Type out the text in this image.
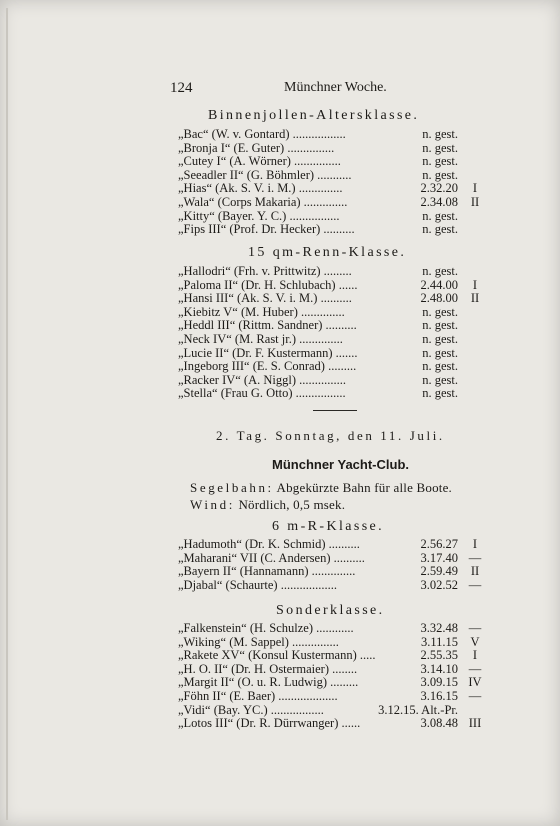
124	Münchner Woche.
Binnenjollen-Altersklasse.
„Bac“ (W. v. Gontard) .................	n. gest.
„Bronja I“ (E. Guter) ...............	n. gest.
„Cutey I“ (A. Wörner) ...............	n. gest.
„Seeadler II“ (G. Böhmler) ...........	n. gest.
„Hias“ (Ak. S. V. i. M.) ..............	2.32.20	I
„Wala“ (Corps Makaria) ..............	2.34.08	II
„Kitty“ (Bayer. Y. C.) ................	n. gest.
„Fips III“ (Prof. Dr. Hecker) ..........	n. gest.
15 qm-Renn-Klasse.
„Hallodri“ (Frh. v. Prittwitz) .........	n. gest.
„Paloma II“ (Dr. H. Schlubach) ......	2.44.00	I
„Hansi III“ (Ak. S. V. i. M.) ..........	2.48.00	II
„Kiebitz V“ (M. Huber) ..............	n. gest.
„Heddl III“ (Rittm. Sandner) ..........	n. gest.
„Neck IV“ (M. Rast jr.) ..............	n. gest.
„Lucie II“ (Dr. F. Kustermann) .......	n. gest.
„Ingeborg III“ (E. S. Conrad) .........	n. gest.
„Racker IV“ (A. Niggl) ...............	n. gest.
„Stella“ (Frau G. Otto) ................	n. gest.
2. Tag. Sonntag, den 11. Juli.
Münchner Yacht-Club.
Segelbahn: Abgekürzte Bahn für alle Boote.
Wind: Nördlich, 0,5 msek.
6 m-R-Klasse.
„Hadumoth“ (Dr. K. Schmid) ..........	2.56.27	I
„Maharani“ VII (C. Andersen) ..........	3.17.40 —
„Bayern II“ (Hannamann) ..............	2.59.49	II
„Djabal“ (Schaurte) ..................	3.02.52 —
Sonderklasse.
„Falkenstein“ (H. Schulze) ............	3.32.48 —
„Wiking“ (M. Sappel) ...............	3.11.15 V
„Rakete XV“ (Konsul Kustermann) .....	2.55.35	I
„H. O. II“ (Dr. H. Ostermaier) ........	3.14.10 —
„Margit II“ (O. u. R. Ludwig) .........	3.09.15 IV
„Föhn II“ (E. Baer) ...................	3.16.15 —
„Vidi“ (Bay. YC.) .................	3.12.15. Alt.-Pr.
„Lotos III“ (Dr. R. Dürrwanger) ......	3.08.48 III
